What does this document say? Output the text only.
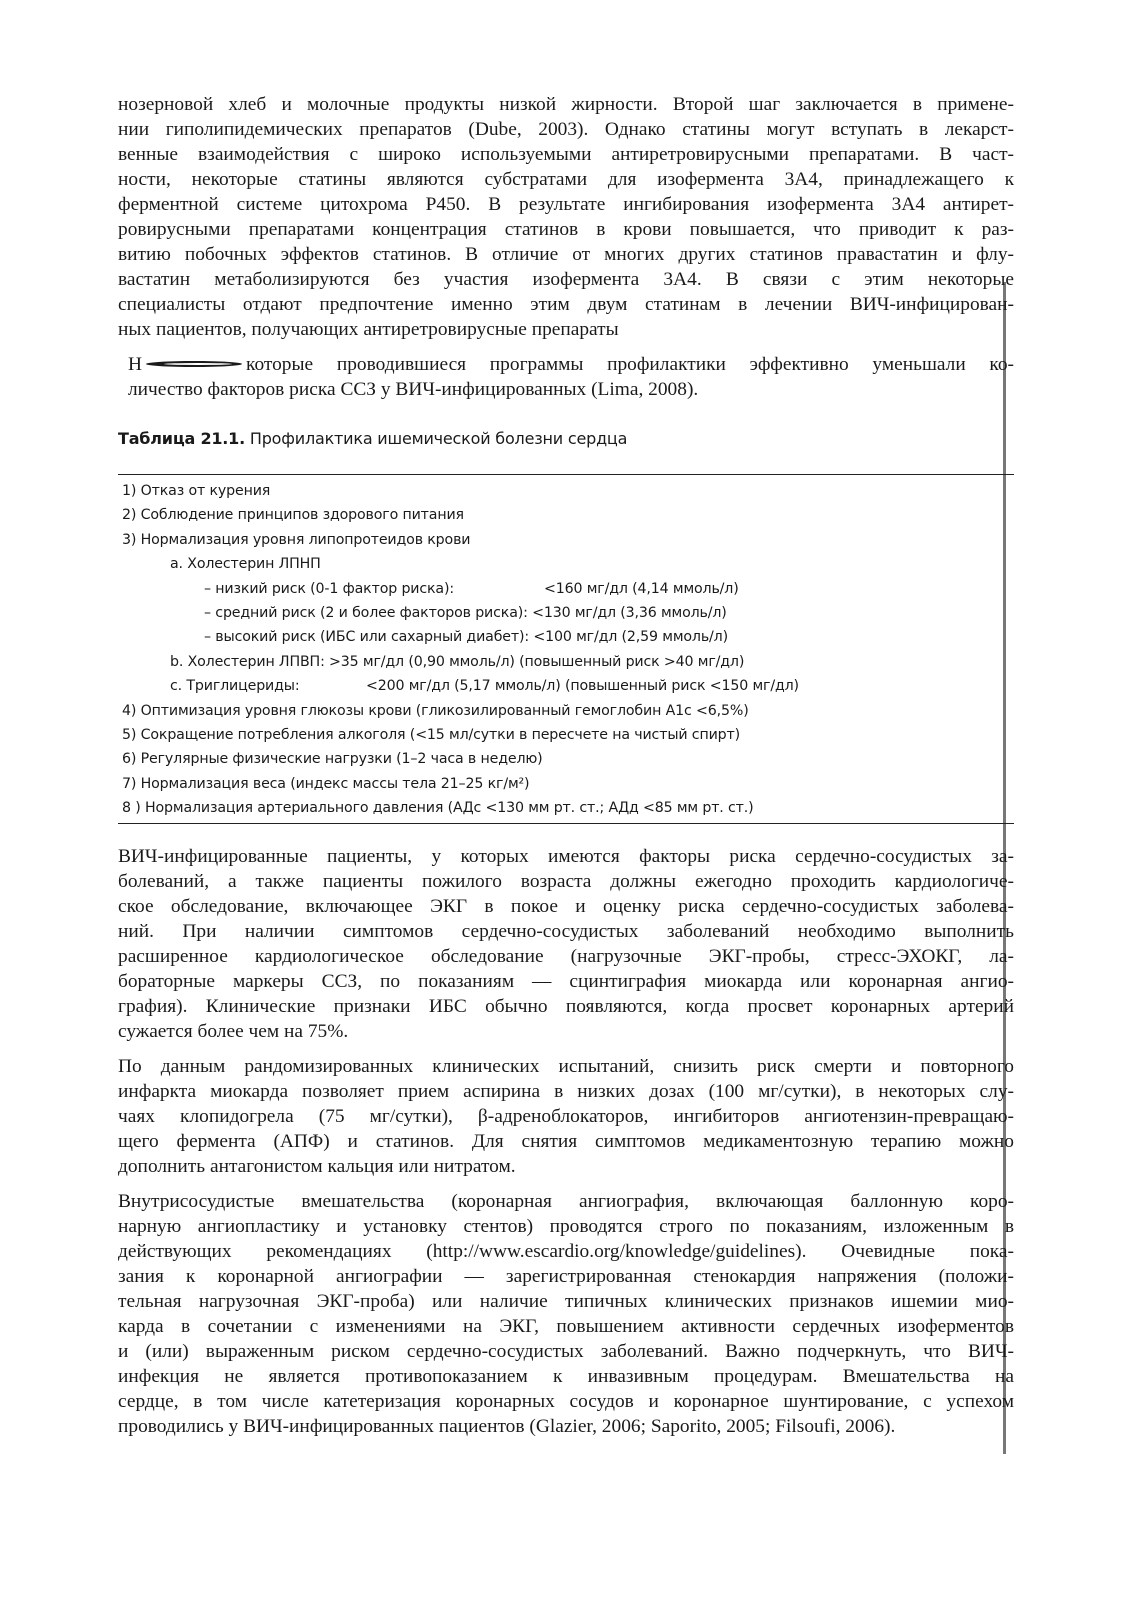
нозерновой хлеб и молочные продукты низкой жирности. Второй шаг заключается в примене-
нии гиполипидемических препаратов (Dube, 2003). Однако статины могут вступать в лекарст-
венные взаимодействия с широко используемыми антиретровирусными препаратами. В част-
ности, некоторые статины являются субстратами для изофермента 3А4, принадлежащего к
ферментной системе цитохрома P450. В результате ингибирования изофермента 3А4 антирет-
ровирусными препаратами концентрация статинов в крови повышается, что приводит к раз-
витию побочных эффектов статинов. В отличие от многих других статинов правастатин и флу-
вастатин метаболизируются без участия изофермента 3А4. В связи с этим некоторые
специалисты отдают предпочтение именно этим двум статинам в лечении ВИЧ-инфицирован-
ных пациентов, получающих антиретровирусные препараты

Н	которые проводившиеся программы профилактики эффективно уменьшали ко-
личество факторов риска ССЗ у ВИЧ-инфицированных (Lima, 2008).

Таблица 21.1. Профилактика ишемической болезни сердца

1) Отказ от курения
2) Соблюдение принципов здорового питания
3) Нормализация уровня липопротеидов крови
а. Холестерин ЛПНП
– низкий риск (0-1 фактор риска):	<160 мг/дл (4,14 ммоль/л)
– средний риск (2 и более факторов риска): <130 мг/дл (3,36 ммоль/л)
– высокий риск (ИБС или сахарный диабет): <100 мг/дл (2,59 ммоль/л)
b. Холестерин ЛПВП: >35 мг/дл (0,90 ммоль/л) (повышенный риск >40 мг/дл)
c. Триглицериды:	<200 мг/дл (5,17 ммоль/л) (повышенный риск <150 мг/дл)
4) Оптимизация уровня глюкозы крови (гликозилированный гемоглобин A1c <6,5%)
5) Сокращение потребления алкоголя (<15 мл/сутки в пересчете на чистый спирт)
6) Регулярные физические нагрузки (1–2 часа в неделю)
7) Нормализация веса (индекс массы тела 21–25 кг/м²)
8 ) Нормализация артериального давления (АДс <130 мм рт. ст.; АДд <85 мм рт. ст.)

ВИЧ-инфицированные пациенты, у которых имеются факторы риска сердечно-сосудистых за-
болеваний, а также пациенты пожилого возраста должны ежегодно проходить кардиологиче-
ское обследование, включающее ЭКГ в покое и оценку риска сердечно-сосудистых заболева-
ний. При наличии симптомов сердечно-сосудистых заболеваний необходимо выполнить
расширенное кардиологическое обследование (нагрузочные ЭКГ-пробы, стресс-ЭХОКГ, ла-
бораторные маркеры ССЗ, по показаниям — сцинтиграфия миокарда или коронарная ангио-
графия). Клинические признаки ИБС обычно появляются, когда просвет коронарных артерий
сужается более чем на 75%.

По данным рандомизированных клинических испытаний, снизить риск смерти и повторного
инфаркта миокарда позволяет прием аспирина в низких дозах (100 мг/сутки), в некоторых слу-
чаях клопидогрела (75 мг/сутки), β-адреноблокаторов, ингибиторов ангиотензин-превращаю-
щего фермента (АПФ) и статинов. Для снятия симптомов медикаментозную терапию можно
дополнить антагонистом кальция или нитратом.

Внутрисосудистые вмешательства (коронарная ангиография, включающая баллонную коро-
нарную ангиопластику и установку стентов) проводятся строго по показаниям, изложенным в
действующих рекомендациях (http://www.escardio.org/knowledge/guidelines). Очевидные пока-
зания к коронарной ангиографии — зарегистрированная стенокардия напряжения (положи-
тельная нагрузочная ЭКГ-проба) или наличие типичных клинических признаков ишемии мио-
карда в сочетании с изменениями на ЭКГ, повышением активности сердечных изоферментов
и (или) выраженным риском сердечно-сосудистых заболеваний. Важно подчеркнуть, что ВИЧ-
инфекция не является противопоказанием к инвазивным процедурам. Вмешательства на
сердце, в том числе катетеризация коронарных сосудов и коронарное шунтирование, с успехом
проводились у ВИЧ-инфицированных пациентов (Glazier, 2006; Saporito, 2005; Filsoufi, 2006).
